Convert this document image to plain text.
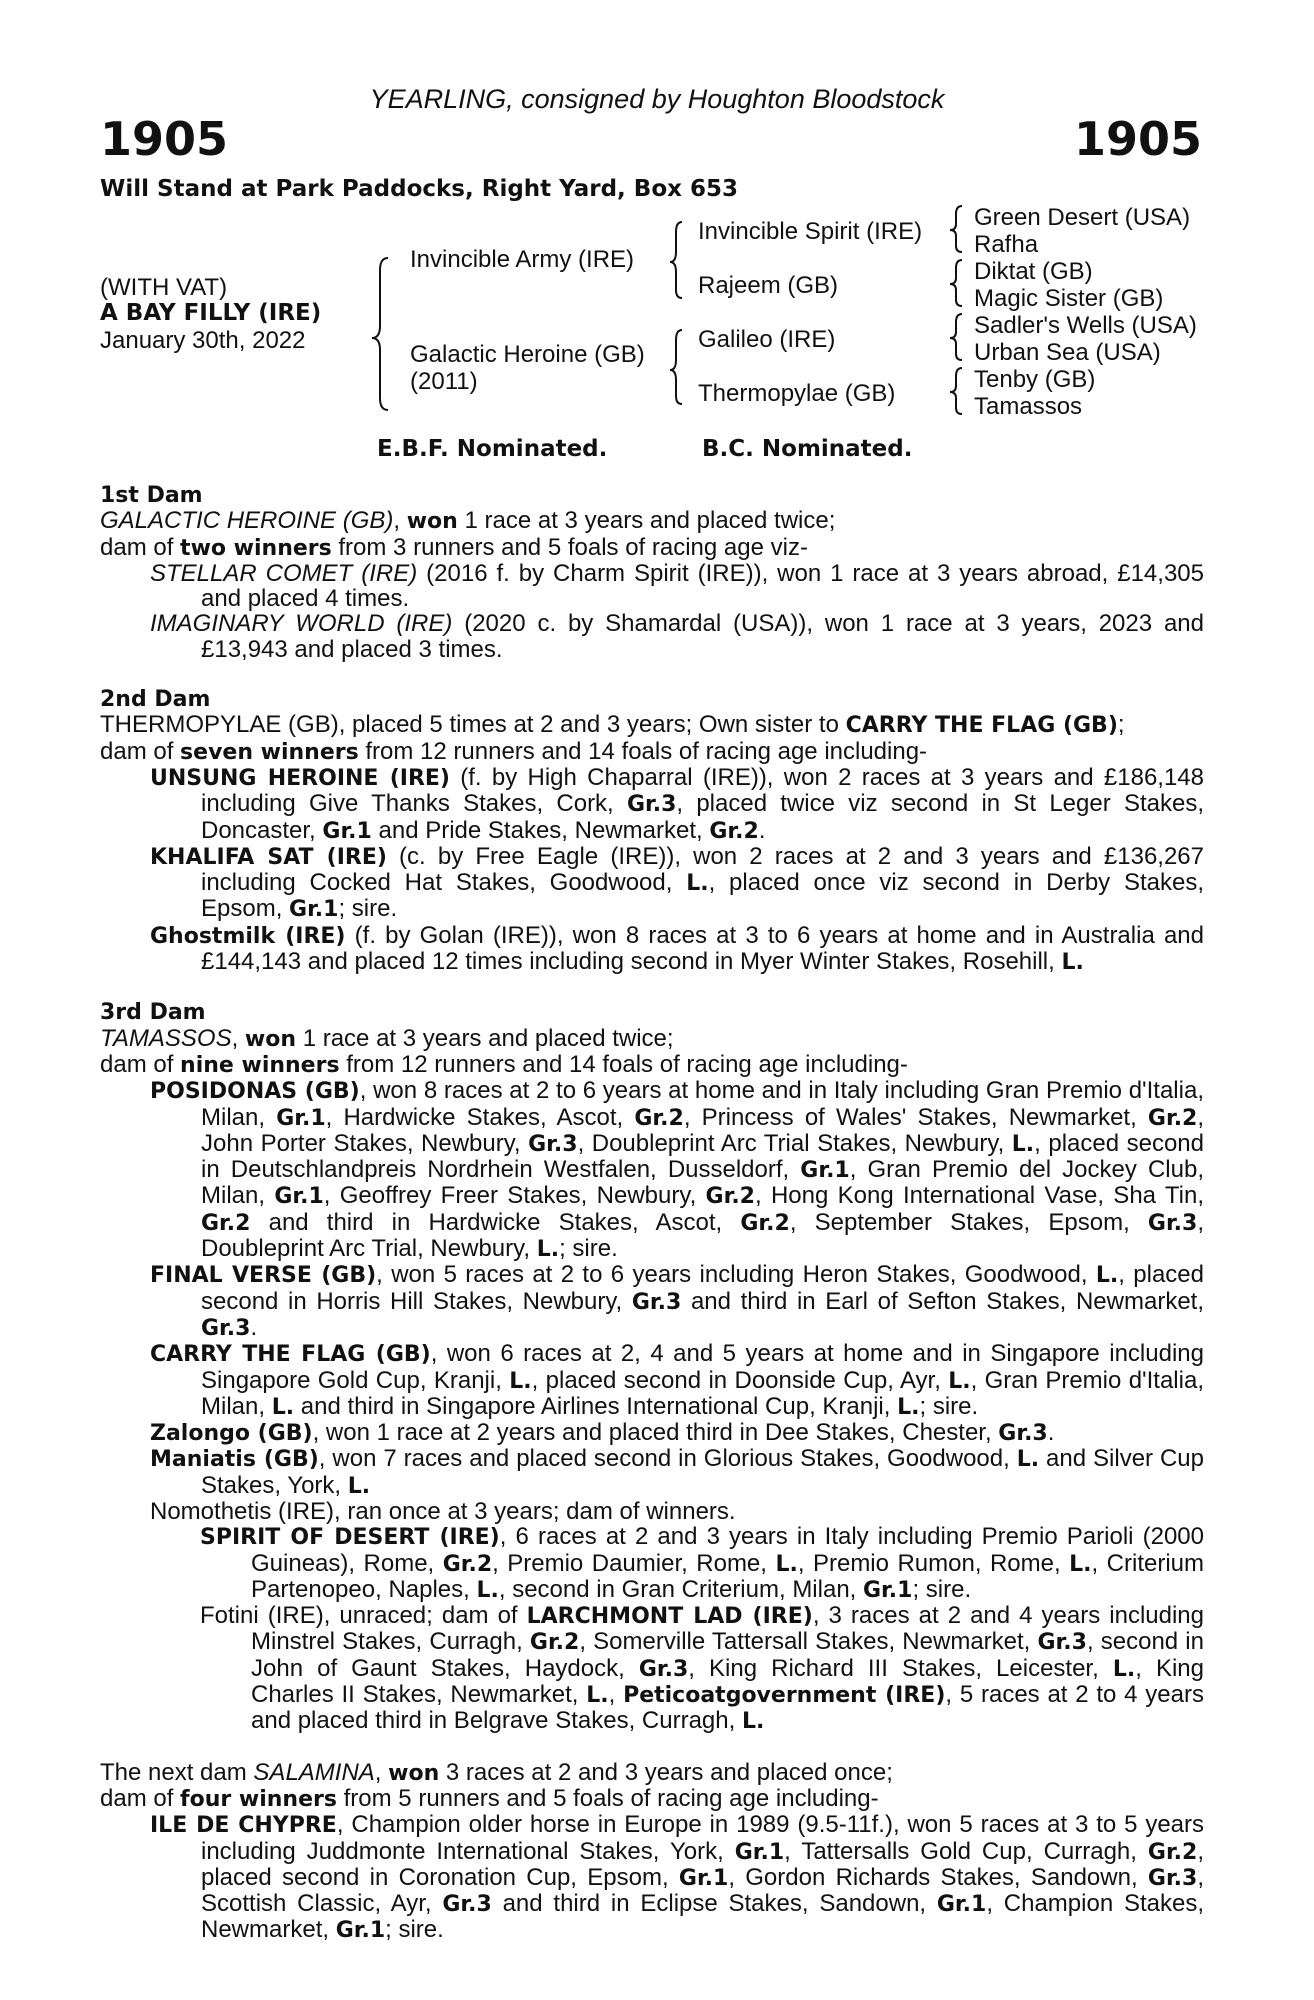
YEARLING, consigned by Houghton Bloodstock
1905	1905
Will Stand at Park Paddocks, Right Yard, Box 653
(WITH VAT)
A BAY FILLY (IRE)
January 30th, 2022
Invincible Army (IRE)
Galactic Heroine (GB)
(2011)
Invincible Spirit (IRE)
Rajeem (GB)
Galileo (IRE)
Thermopylae (GB)
Green Desert (USA)
Rafha
Diktat (GB)
Magic Sister (GB)
Sadler's Wells (USA)
Urban Sea (USA)
Tenby (GB)
Tamassos
E.B.F. Nominated.	B.C. Nominated.

1st Dam

GALACTIC HEROINE (GB), won 1 race at 3 years and placed twice;

dam of two winners from 3 runners and 5 foals of racing age viz-

STELLAR COMET (IRE) (2016 f. by Charm Spirit (IRE)), won 1 race at 3 years abroad, £14,305 and placed 4 times.

IMAGINARY WORLD (IRE) (2020 c. by Shamardal (USA)), won 1 race at 3 years, 2023 and £13,943 and placed 3 times.

2nd Dam

THERMOPYLAE (GB), placed 5 times at 2 and 3 years; Own sister to CARRY THE FLAG (GB);

dam of seven winners from 12 runners and 14 foals of racing age including-

UNSUNG HEROINE (IRE) (f. by High Chaparral (IRE)), won 2 races at 3 years and £186,148 including Give Thanks Stakes, Cork, Gr.3, placed twice viz second in St Leger Stakes, Doncaster, Gr.1 and Pride Stakes, Newmarket, Gr.2.

KHALIFA SAT (IRE) (c. by Free Eagle (IRE)), won 2 races at 2 and 3 years and £136,267 including Cocked Hat Stakes, Goodwood, L., placed once viz second in Derby Stakes, Epsom, Gr.1; sire.

Ghostmilk (IRE) (f. by Golan (IRE)), won 8 races at 3 to 6 years at home and in Australia and £144,143 and placed 12 times including second in Myer Winter Stakes, Rosehill, L.

3rd Dam

TAMASSOS, won 1 race at 3 years and placed twice;

dam of nine winners from 12 runners and 14 foals of racing age including-

POSIDONAS (GB), won 8 races at 2 to 6 years at home and in Italy including Gran Premio d'Italia, Milan, Gr.1, Hardwicke Stakes, Ascot, Gr.2, Princess of Wales' Stakes, Newmarket, Gr.2, John Porter Stakes, Newbury, Gr.3, Doubleprint Arc Trial Stakes, Newbury, L., placed second in Deutschlandpreis Nordrhein Westfalen, Dusseldorf, Gr.1, Gran Premio del Jockey Club, Milan, Gr.1, Geoffrey Freer Stakes, Newbury, Gr.2, Hong Kong International Vase, Sha Tin, Gr.2 and third in Hardwicke Stakes, Ascot, Gr.2, September Stakes, Epsom, Gr.3, Doubleprint Arc Trial, Newbury, L.; sire.

FINAL VERSE (GB), won 5 races at 2 to 6 years including Heron Stakes, Goodwood, L., placed second in Horris Hill Stakes, Newbury, Gr.3 and third in Earl of Sefton Stakes, Newmarket, Gr.3.

CARRY THE FLAG (GB), won 6 races at 2, 4 and 5 years at home and in Singapore including Singapore Gold Cup, Kranji, L., placed second in Doonside Cup, Ayr, L., Gran Premio d'Italia, Milan, L. and third in Singapore Airlines International Cup, Kranji, L.; sire.

Zalongo (GB), won 1 race at 2 years and placed third in Dee Stakes, Chester, Gr.3.

Maniatis (GB), won 7 races and placed second in Glorious Stakes, Goodwood, L. and Silver Cup Stakes, York, L.

Nomothetis (IRE), ran once at 3 years; dam of winners.

SPIRIT OF DESERT (IRE), 6 races at 2 and 3 years in Italy including Premio Parioli (2000 Guineas), Rome, Gr.2, Premio Daumier, Rome, L., Premio Rumon, Rome, L., Criterium Partenopeo, Naples, L., second in Gran Criterium, Milan, Gr.1; sire.

Fotini (IRE), unraced; dam of LARCHMONT LAD (IRE), 3 races at 2 and 4 years including Minstrel Stakes, Curragh, Gr.2, Somerville Tattersall Stakes, Newmarket, Gr.3, second in John of Gaunt Stakes, Haydock, Gr.3, King Richard III Stakes, Leicester, L., King Charles II Stakes, Newmarket, L., Peticoatgovernment (IRE), 5 races at 2 to 4 years and placed third in Belgrave Stakes, Curragh, L.

The next dam SALAMINA, won 3 races at 2 and 3 years and placed once;

dam of four winners from 5 runners and 5 foals of racing age including-

ILE DE CHYPRE, Champion older horse in Europe in 1989 (9.5-11f.), won 5 races at 3 to 5 years including Juddmonte International Stakes, York, Gr.1, Tattersalls Gold Cup, Curragh, Gr.2, placed second in Coronation Cup, Epsom, Gr.1, Gordon Richards Stakes, Sandown, Gr.3, Scottish Classic, Ayr, Gr.3 and third in Eclipse Stakes, Sandown, Gr.1, Champion Stakes, Newmarket, Gr.1; sire.
